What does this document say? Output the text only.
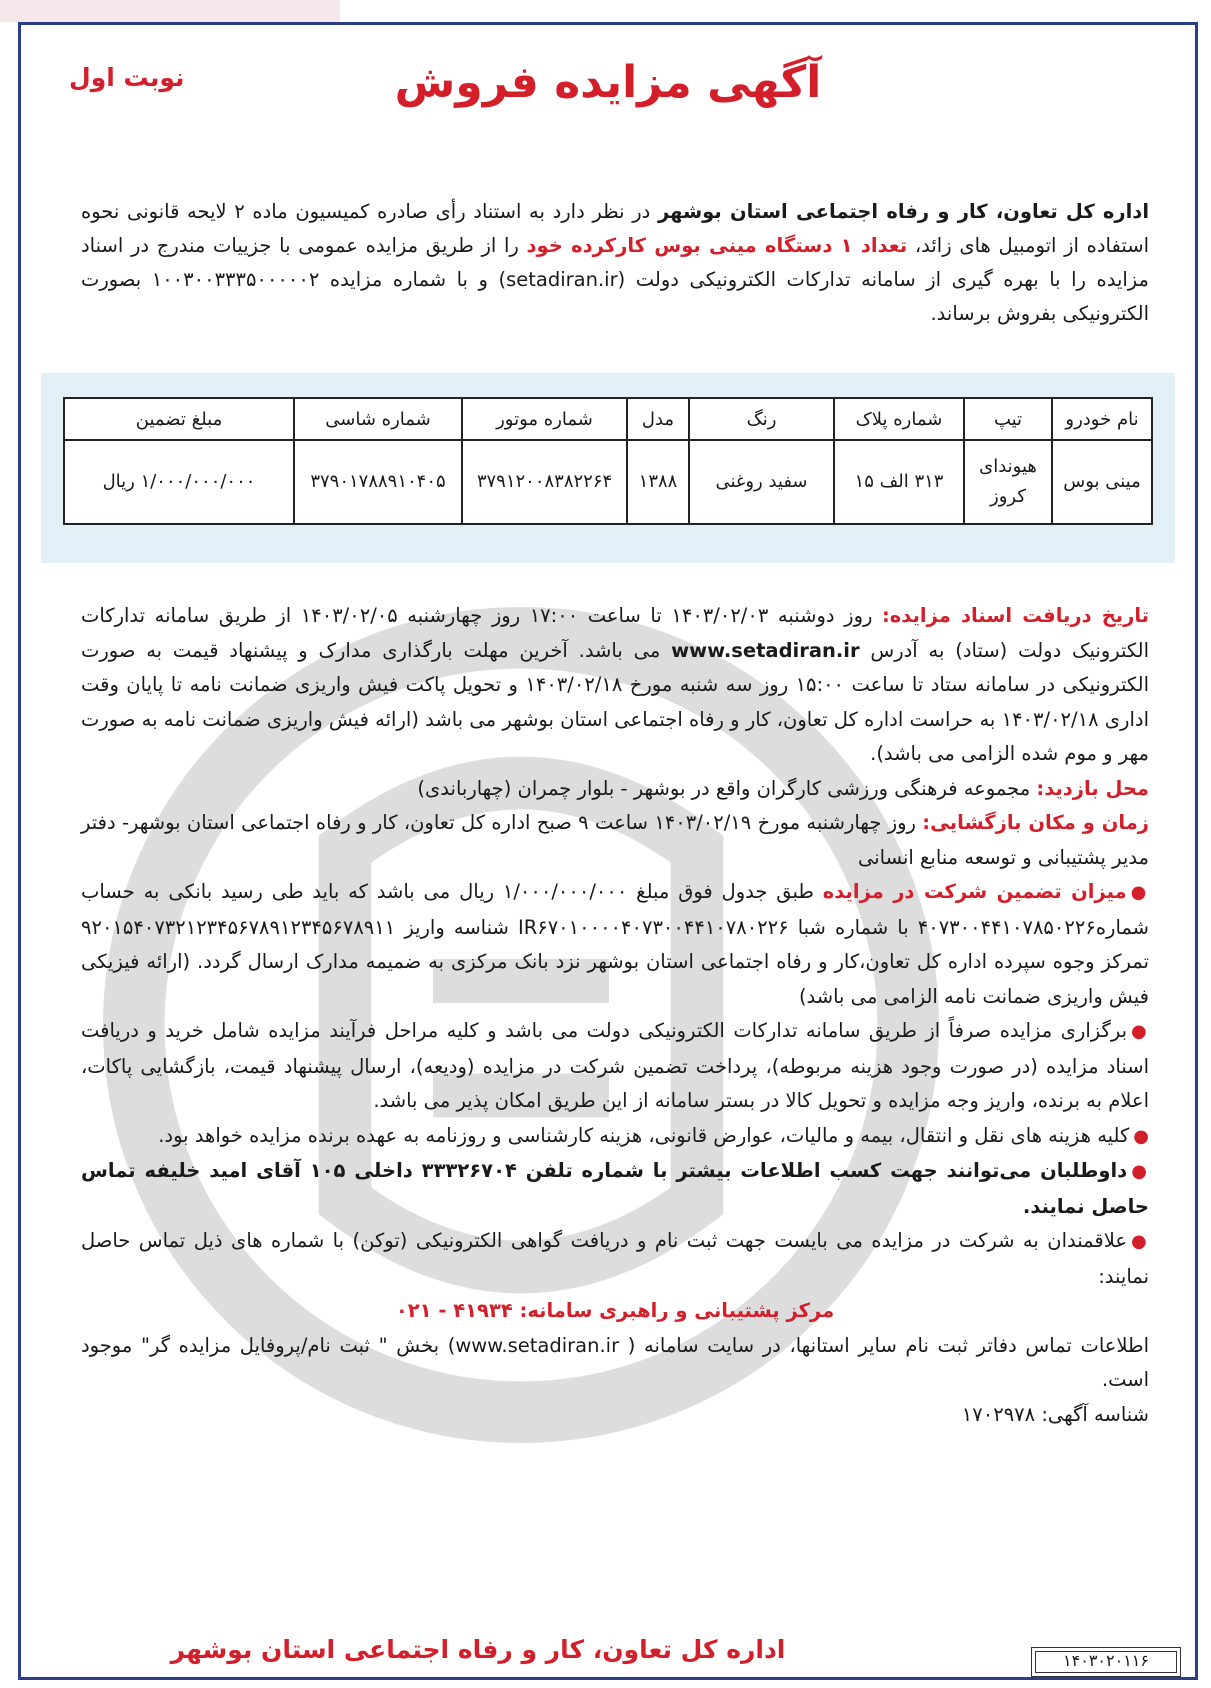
نوبت اول	آگهی مزایده فروش
اداره کل تعاون، کار و رفاه اجتماعی استان بوشهر در نظر دارد به استناد رأی صادره کمیسیون ماده ۲ لایحه قانونی نحوه استفاده از اتومبیل های زائد، تعداد ۱ دستگاه مینی بوس کارکرده خود را از طریق مزایده عمومی با جزییات مندرج در اسناد مزایده را با بهره گیری از سامانه تدارکات الکترونیکی دولت (setadiran.ir) و با شماره مزایده ۱۰۰۳۰۰۳۳۳۵۰۰۰۰۰۲ بصورت الکترونیکی بفروش برساند.
نام خودرو	تیپ	شماره پلاک	رنگ	مدل	شماره موتور	شماره شاسی	مبلغ تضمین
مینی بوس	هیوندای کروز	۳۱۳ الف ۱۵	سفید روغنی	۱۳۸۸	۳۷۹۱۲۰۰۸۳۸۲۲۶۴	۳۷۹۰۱۷۸۸۹۱۰۴۰۵	۱/۰۰۰/۰۰۰/۰۰۰ ریال

تاریخ دریافت اسناد مزایده: روز دوشنبه ۱۴۰۳/۰۲/۰۳ تا ساعت ۱۷:۰۰ روز چهارشنبه ۱۴۰۳/۰۲/۰۵ از طریق سامانه تدارکات الکترونیک دولت (ستاد) به آدرس www.setadiran.ir می باشد. آخرین مهلت بارگذاری مدارک و پیشنهاد قیمت به صورت الکترونیکی در سامانه ستاد تا ساعت ۱۵:۰۰ روز سه شنبه مورخ ۱۴۰۳/۰۲/۱۸ و تحویل پاکت فیش واریزی ضمانت نامه تا پایان وقت اداری ۱۴۰۳/۰۲/۱۸ به حراست اداره کل تعاون، کار و رفاه اجتماعی استان بوشهر می باشد (ارائه فیش واریزی ضمانت نامه به صورت مهر و موم شده الزامی می باشد).

محل بازدید: مجموعه فرهنگی ورزشی کارگران واقع در بوشهر - بلوار چمران (چهارباندی)

زمان و مکان بازگشایی: روز چهارشنبه مورخ ۱۴۰۳/۰۲/۱۹ ساعت ۹ صبح اداره کل تعاون، کار و رفاه اجتماعی استان بوشهر- دفتر مدیر پشتیبانی و توسعه منابع انسانی

●میزان تضمین شرکت در مزایده طبق جدول فوق مبلغ ۱/۰۰۰/۰۰۰/۰۰۰ ریال می باشد که باید طی رسید بانکی به حساب شماره۴۰۷۳۰۰۴۴۱۰۷۸۵۰۲۲۶ با شماره شبا IR۶۷۰۱۰۰۰۰۴۰۷۳۰۰۴۴۱۰۷۸۰۲۲۶ شناسه واریز ۹۲۰۱۵۴۰۷۳۲۱۲۳۴۵۶۷۸۹۱۲۳۴۵۶۷۸۹۱۱ تمرکز وجوه سپرده اداره کل تعاون،کار و رفاه اجتماعی استان بوشهر نزد بانک مرکزی به ضمیمه مدارک ارسال گردد. (ارائه فیزیکی فیش واریزی ضمانت نامه الزامی می باشد)

●برگزاری مزایده صرفاً از طریق سامانه تدارکات الکترونیکی دولت می باشد و کلیه مراحل فرآیند مزایده شامل خرید و دریافت اسناد مزایده (در صورت وجود هزینه مربوطه)، پرداخت تضمین شرکت در مزایده (ودیعه)، ارسال پیشنهاد قیمت، بازگشایی پاکات، اعلام به برنده، واریز وجه مزایده و تحویل کالا در بستر سامانه از این طریق امکان پذیر می باشد.

●کلیه هزینه های نقل و انتقال، بیمه و مالیات، عوارض قانونی، هزینه کارشناسی و روزنامه به عهده برنده مزایده خواهد بود.

●داوطلبان می‌توانند جهت کسب اطلاعات بیشتر با شماره تلفن ۳۳۳۲۶۷۰۴ داخلی ۱۰۵ آقای امید خلیفه تماس حاصل نمایند.

●علاقمندان به شرکت در مزایده می بایست جهت ثبت نام و دریافت گواهی الکترونیکی (توکن) با شماره های ذیل تماس حاصل نمایند:

مرکز پشتیبانی و راهبری سامانه: ۴۱۹۳۴ - ۰۲۱

اطلاعات تماس دفاتر ثبت نام سایر استانها، در سایت سامانه ( www.setadiran.ir) بخش " ثبت نام/پروفایل مزایده گر" موجود است.

شناسه آگهی: ۱۷۰۲۹۷۸

اداره کل تعاون، کار و رفاه اجتماعی استان بوشهر	۱۴۰۳۰۲۰۱۱۶
